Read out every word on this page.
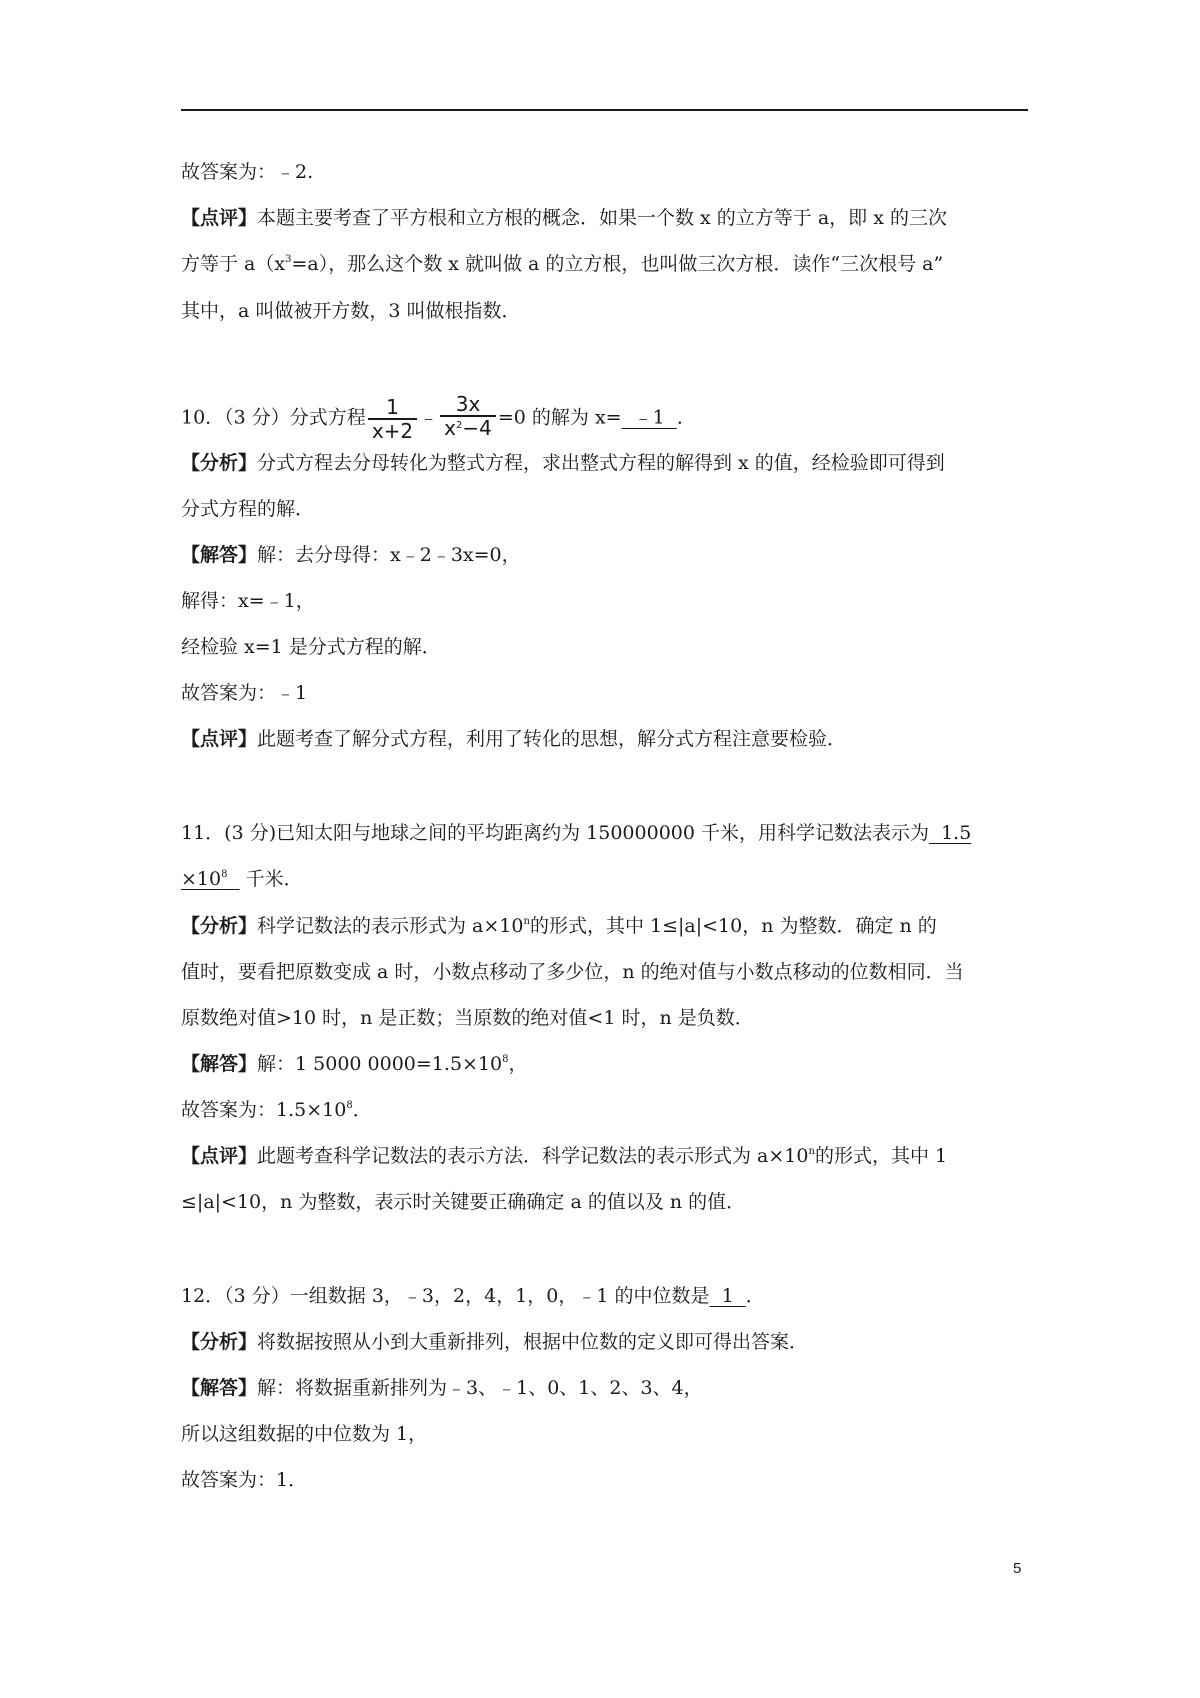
故答案为：﹣2.
【点评】本题主要考查了平方根和立方根的概念．如果一个数 x 的立方等于 a，即 x 的三次
方等于 $a(x^3=a)$，那么这个数 x 就叫做 a 的立方根，也叫做三次方根．读作“三次根号 a”
其中，a 叫做被开方数，3 叫做根指数．
10．（3 分）分式方程 $\frac{1}{x+2}$ ﹣ $\frac{3x}{x^2-4} =0$ 的解为 x=  ﹣1  ．
【分析】分式方程去分母转化为整式方程，求出整式方程的解得到 x 的值，经检验即可得到
分式方程的解．
【解答】解：去分母得：x﹣2﹣3x=0，
解得：x=﹣1，
经检验 x=1 是分式方程的解．
故答案为：﹣1
【点评】此题考查了解分式方程，利用了转化的思想，解分式方程注意要检验．
11．(3 分)已知太阳与地球之间的平均距离约为 150000000 千米，用科学记数法表示为  1.5
$\times 10^8$   千米．
【分析】科学记数法的表示形式为 $a\times 10^n$的形式，其中 1≤|a|<10，n 为整数．确定 n 的
值时，要看把原数变成 a 时，小数点移动了多少位，n 的绝对值与小数点移动的位数相同．当
原数绝对值>10 时，n 是正数；当原数的绝对值<1 时，n 是负数．
【解答】解：1 5000 $0000=1.5\times 10^8$，
故答案为：$1.5\times 10^8$．
【点评】此题考查科学记数法的表示方法．科学记数法的表示形式为 $a\times 10^n$的形式，其中 1
≤|a|<10，n 为整数，表示时关键要正确确定 a 的值以及 n 的值．
12．（3 分）一组数据 3，﹣3，2，4，1，0，﹣1 的中位数是  1  ．
【分析】将数据按照从小到大重新排列，根据中位数的定义即可得出答案．
【解答】解：将数据重新排列为﹣3、﹣1、0、1、2、3、4，
所以这组数据的中位数为 1，
故答案为：1．
5
